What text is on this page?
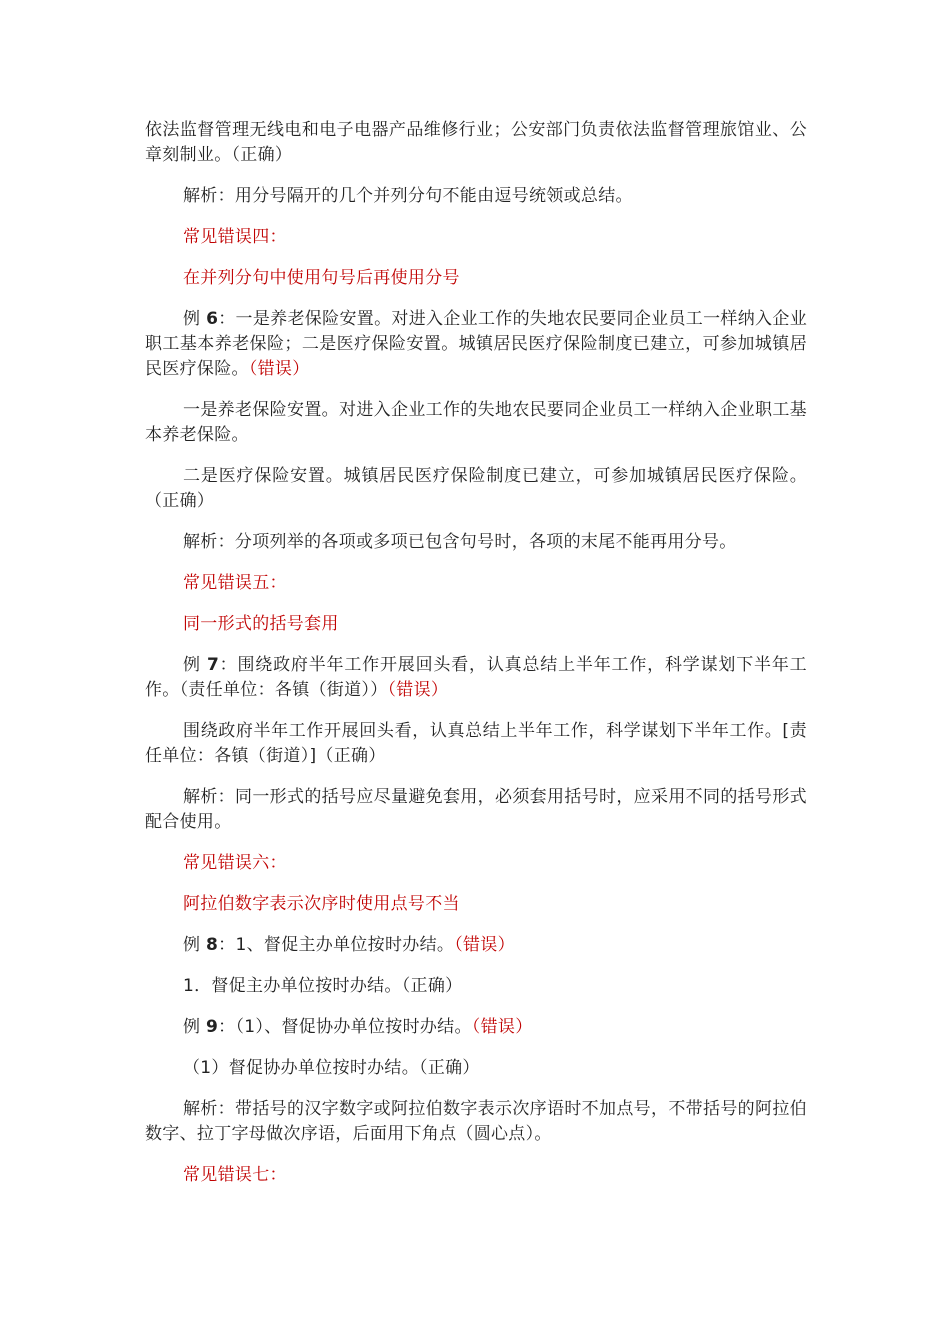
依法监督管理无线电和电子电器产品维修行业；公安部门负责依法监督管理旅馆业、公章刻制业。（正确）

解析：用分号隔开的几个并列分句不能由逗号统领或总结。

常见错误四：

在并列分句中使用句号后再使用分号

例 6：一是养老保险安置。对进入企业工作的失地农民要同企业员工一样纳入企业职工基本养老保险；二是医疗保险安置。城镇居民医疗保险制度已建立，可参加城镇居民医疗保险。（错误）

一是养老保险安置。对进入企业工作的失地农民要同企业员工一样纳入企业职工基本养老保险。

二是医疗保险安置。城镇居民医疗保险制度已建立，可参加城镇居民医疗保险。（正确）

解析：分项列举的各项或多项已包含句号时，各项的末尾不能再用分号。

常见错误五：

同一形式的括号套用

例 7：围绕政府半年工作开展回头看，认真总结上半年工作，科学谋划下半年工作。（责任单位：各镇（街道））（错误）

围绕政府半年工作开展回头看，认真总结上半年工作，科学谋划下半年工作。[责任单位：各镇（街道）]（正确）

解析：同一形式的括号应尽量避免套用，必须套用括号时，应采用不同的括号形式配合使用。

常见错误六：

阿拉伯数字表示次序时使用点号不当

例 8：1、督促主办单位按时办结。（错误）

1．督促主办单位按时办结。（正确）

例 9：（1）、督促协办单位按时办结。（错误）

（1）督促协办单位按时办结。（正确）

解析：带括号的汉字数字或阿拉伯数字表示次序语时不加点号，不带括号的阿拉伯数字、拉丁字母做次序语，后面用下角点（圆心点）。

常见错误七：
